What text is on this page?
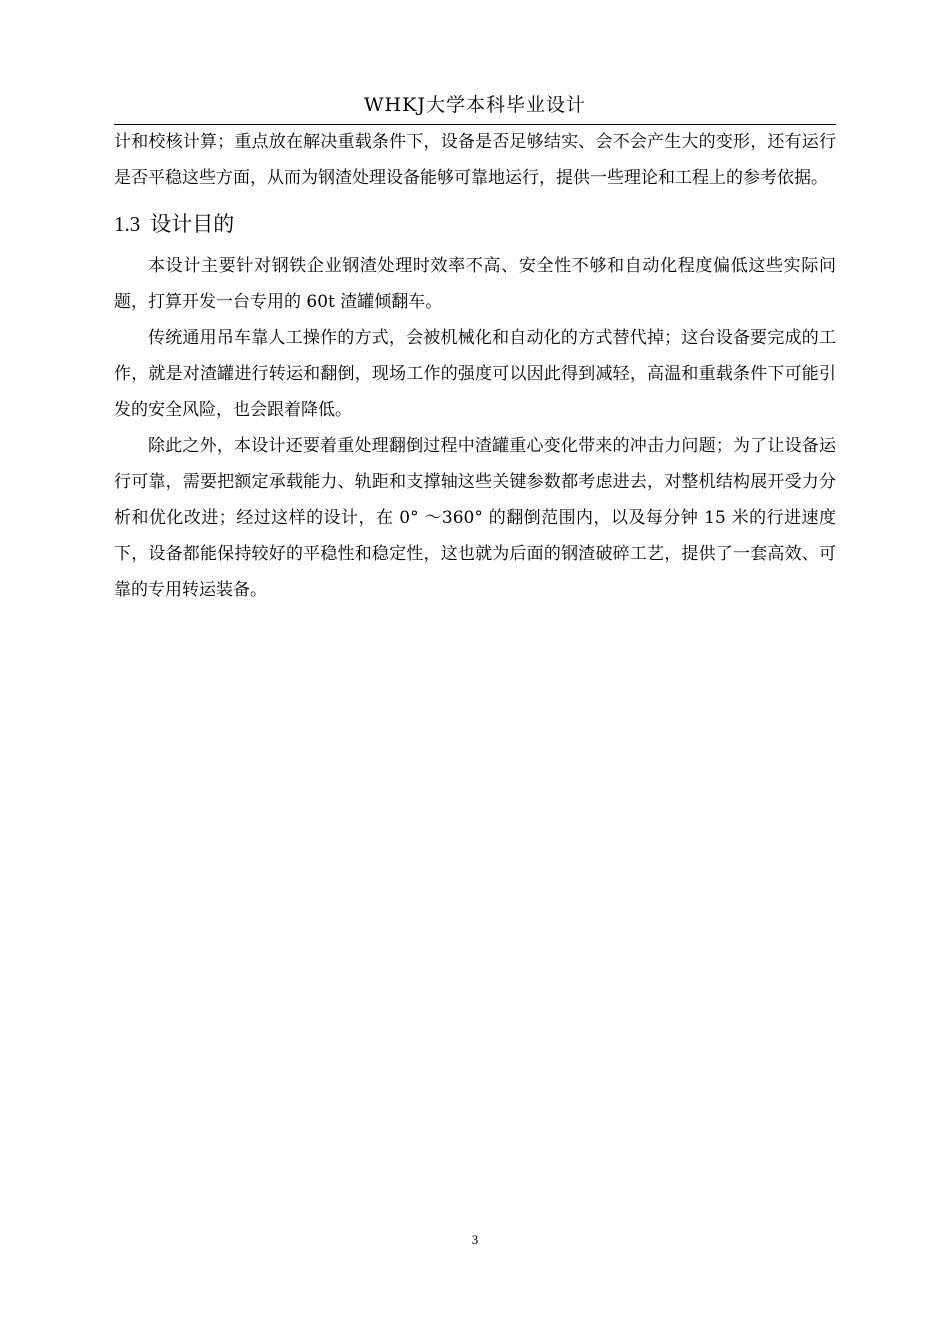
WHKJ大学本科毕业设计

计和校核计算；重点放在解决重载条件下，设备是否足够结实、会不会产生大的变形，还有运行是否平稳这些方面，从而为钢渣处理设备能够可靠地运行，提供一些理论和工程上的参考依据。

1.3 设计目的

本设计主要针对钢铁企业钢渣处理时效率不高、安全性不够和自动化程度偏低这些实际问题，打算开发一台专用的 60t 渣罐倾翻车。

传统通用吊车靠人工操作的方式，会被机械化和自动化的方式替代掉；这台设备要完成的工作，就是对渣罐进行转运和翻倒，现场工作的强度可以因此得到减轻，高温和重载条件下可能引发的安全风险，也会跟着降低。

除此之外，本设计还要着重处理翻倒过程中渣罐重心变化带来的冲击力问题；为了让设备运行可靠，需要把额定承载能力、轨距和支撑轴这些关键参数都考虑进去，对整机结构展开受力分析和优化改进；经过这样的设计，在 0° ～360° 的翻倒范围内，以及每分钟 15 米的行进速度下，设备都能保持较好的平稳性和稳定性，这也就为后面的钢渣破碎工艺，提供了一套高效、可靠的专用转运装备。

3
